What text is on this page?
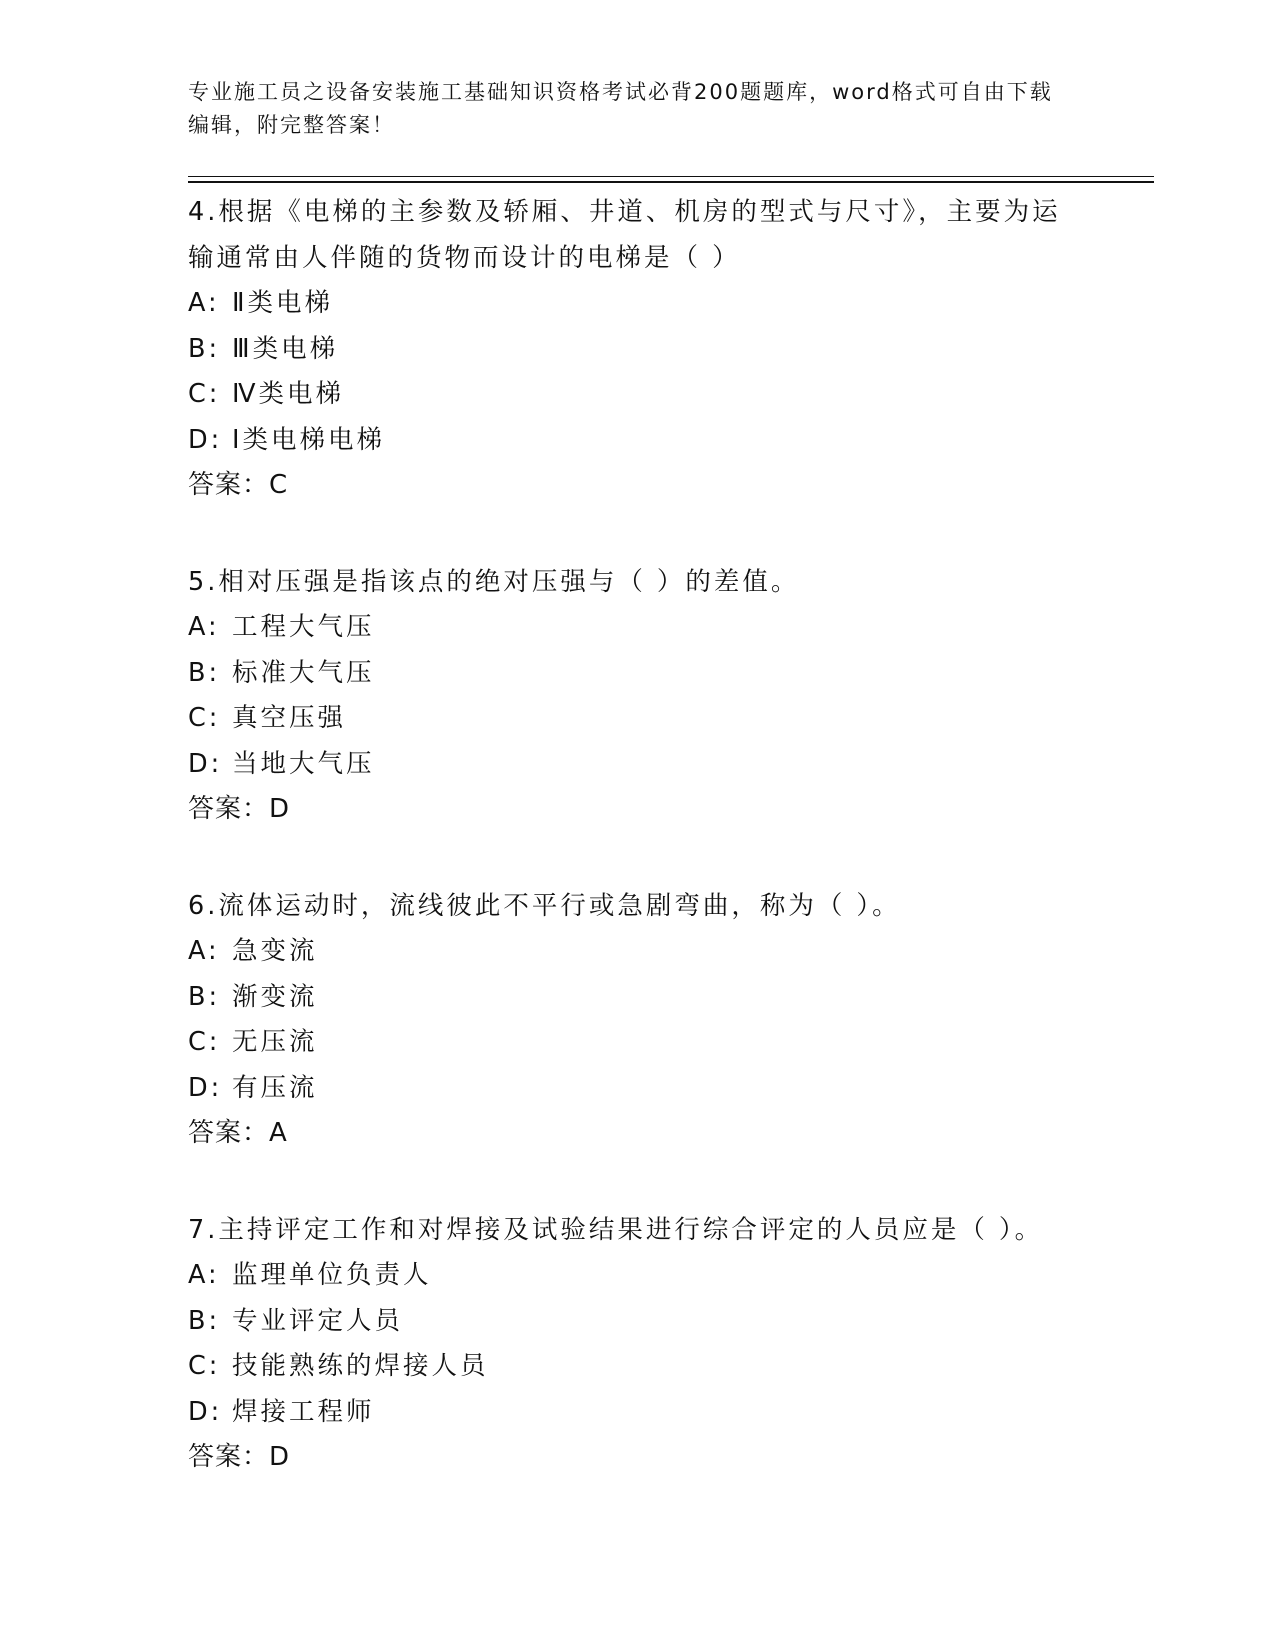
专业施工员之设备安装施工基础知识资格考试必背200题题库，word格式可自由下载编辑，附完整答案！
4.根据《电梯的主参数及轿厢、井道、机房的型式与尺寸》，主要为运输通常由人伴随的货物而设计的电梯是（ ）
A: Ⅱ类电梯
B: Ⅲ类电梯
C: Ⅳ类电梯
D: Ⅰ类电梯电梯
答案：C
5.相对压强是指该点的绝对压强与（ ）的差值。
A: 工程大气压
B: 标准大气压
C: 真空压强
D: 当地大气压
答案：D
6.流体运动时，流线彼此不平行或急剧弯曲，称为（ ）。
A: 急变流
B: 渐变流
C: 无压流
D: 有压流
答案：A
7.主持评定工作和对焊接及试验结果进行综合评定的人员应是（ ）。
A: 监理单位负责人
B: 专业评定人员
C: 技能熟练的焊接人员
D: 焊接工程师
答案：D
